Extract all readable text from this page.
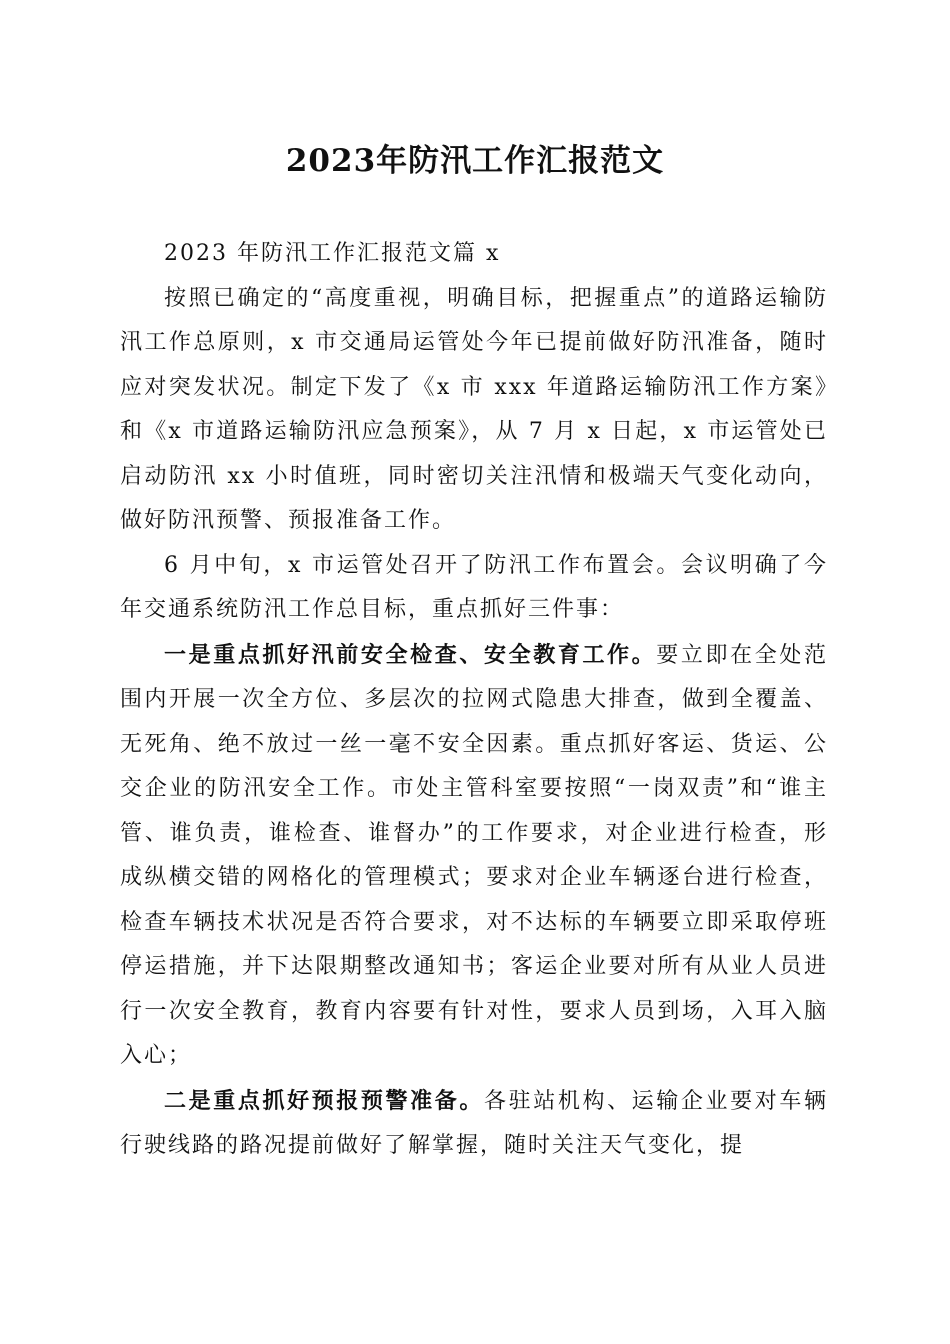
2023年防汛工作汇报范文

2023 年防汛工作汇报范文篇 x

按照已确定的“高度重视，明确目标，把握重点”的道路运输防汛工作总原则，x 市交通局运管处今年已提前做好防汛准备，随时应对突发状况。制定下发了《x 市 xxx 年道路运输防汛工作方案》和《x 市道路运输防汛应急预案》，从 7 月 x 日起，x 市运管处已启动防汛 xx 小时值班，同时密切关注汛情和极端天气变化动向，做好防汛预警、预报准备工作。

6 月中旬，x 市运管处召开了防汛工作布置会。会议明确了今年交通系统防汛工作总目标，重点抓好三件事：

一是重点抓好汛前安全检查、安全教育工作。要立即在全处范围内开展一次全方位、多层次的拉网式隐患大排查，做到全覆盖、无死角、绝不放过一丝一毫不安全因素。重点抓好客运、货运、公交企业的防汛安全工作。市处主管科室要按照“一岗双责”和“谁主管、谁负责，谁检查、谁督办”的工作要求，对企业进行检查，形成纵横交错的网格化的管理模式；要求对企业车辆逐台进行检查，检查车辆技术状况是否符合要求，对不达标的车辆要立即采取停班停运措施，并下达限期整改通知书；客运企业要对所有从业人员进行一次安全教育，教育内容要有针对性，要求人员到场，入耳入脑入心；

二是重点抓好预报预警准备。各驻站机构、运输企业要对车辆行驶线路的路况提前做好了解掌握，随时关注天气变化，提
